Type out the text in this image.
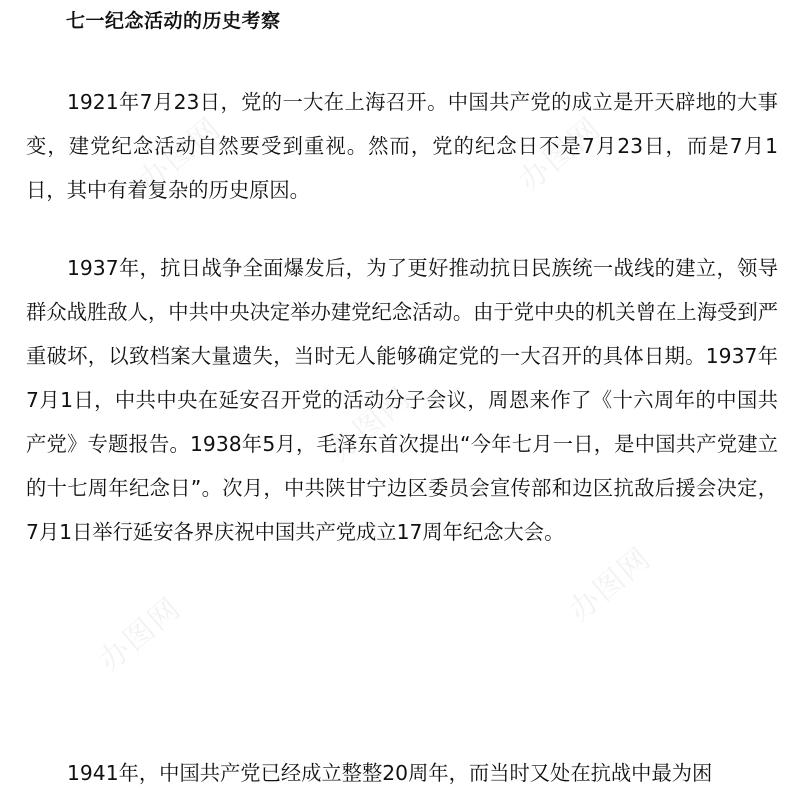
办图网	办图网
办图网
办图网
办图网
七一纪念活动的历史考察

1921年7月23日，党的一大在上海召开。中国共产党的成立是开天辟地的大事变，建党纪念活动自然要受到重视。然而，党的纪念日不是7月23日，而是7月1日，其中有着复杂的历史原因。

1937年，抗日战争全面爆发后，为了更好推动抗日民族统一战线的建立，领导群众战胜敌人，中共中央决定举办建党纪念活动。由于党中央的机关曾在上海受到严重破坏，以致档案大量遗失，当时无人能够确定党的一大召开的具体日期。1937年7月1日，中共中央在延安召开党的活动分子会议，周恩来作了《十六周年的中国共产党》专题报告。1938年5月，毛泽东首次提出“今年七月一日，是中国共产党建立的十七周年纪念日”。次月，中共陕甘宁边区委员会宣传部和边区抗敌后援会决定，7月1日举行延安各界庆祝中国共产党成立17周年纪念大会。

1941年，中国共产党已经成立整整20周年，而当时又处在抗战中最为困
